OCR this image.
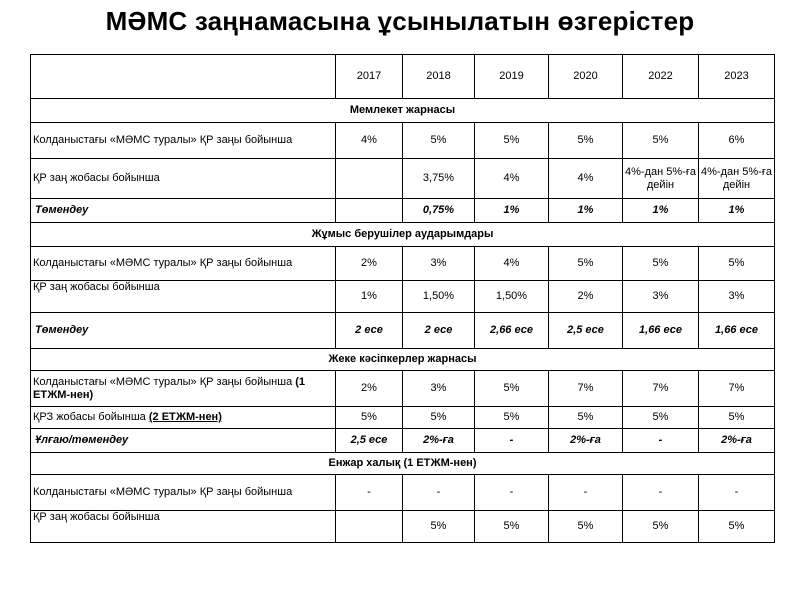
МӘМС заңнамасына ұсынылатын өзгерістер
	2017	2018	2019	2020	2022	2023
Мемлекет жарнасы						
Колданыстағы «МӘМС туралы» ҚР заңы бойынша	4%	5%	5%	5%	5%	6%
ҚР заң жобасы бойынша		3,75%	4%	4%	4%-дан 5%-ға дейін	4%-дан 5%-ға дейін
Төмендеу		0,75%	1%	1%	1%	1%
Жұмыс берушілер аударымдары						
Колданыстағы «МӘМС туралы» ҚР заңы бойынша	2%	3%	4%	5%	5%	5%
ҚР заң жобасы бойынша	1%	1,50%	1,50%	2%	3%	3%
Төмендеу	2 есе	2 есе	2,66 есе	2,5 есе	1,66 есе	1,66 есе
Жеке кәсіпкерлер жарнасы						
Колданыстағы «МӘМС туралы» ҚР заңы бойынша (1 ЕТЖМ-нен)	2%	3%	5%	7%	7%	7%
ҚРЗ жобасы бойынша (2 ЕТЖМ-нен)	5%	5%	5%	5%	5%	5%
Ұлғаю/төмендеу	2,5 есе	2%-ға	-	2%-ға	-	2%-ға
Енжар халық (1 ЕТЖМ-нен)						
Колданыстағы «МӘМС туралы» ҚР заңы бойынша	-	-	-	-	-	-
ҚР заң жобасы бойынша		5%	5%	5%	5%	5%
